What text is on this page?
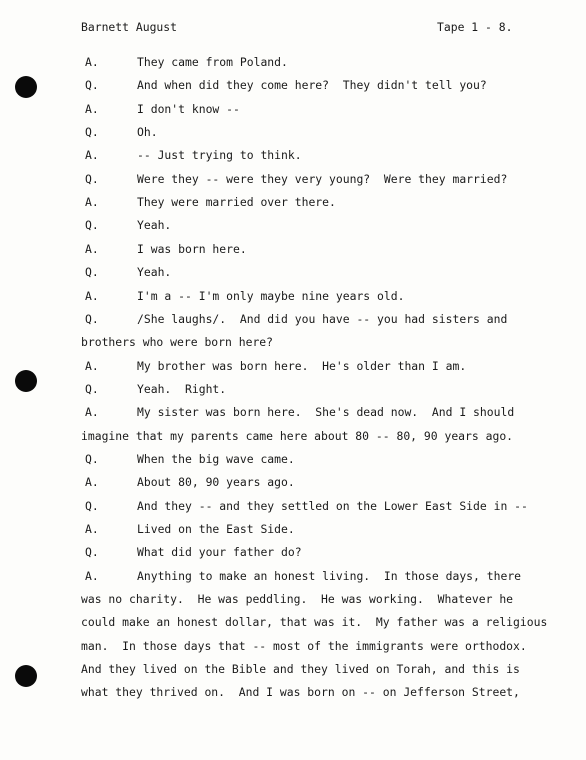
Barnett August	Tape 1 - 8.
A.	They came from Poland.
Q.	And when did they come here?  They didn't tell you?
A.	I don't know --
Q.	Oh.
A.	-- Just trying to think.
Q.	Were they -- were they very young?  Were they married?
A.	They were married over there.
Q.	Yeah.
A.	I was born here.
Q.	Yeah.
A.	I'm a -- I'm only maybe nine years old.
Q.	/She laughs/.  And did you have -- you had sisters and
brothers who were born here?
A.	My brother was born here.  He's older than I am.
Q.	Yeah.  Right.
A.	My sister was born here.  She's dead now.  And I should
imagine that my parents came here about 80 -- 80, 90 years ago.
Q.	When the big wave came.
A.	About 80, 90 years ago.
Q.	And they -- and they settled on the Lower East Side in --
A.	Lived on the East Side.
Q.	What did your father do?
A.	Anything to make an honest living.  In those days, there
was no charity.  He was peddling.  He was working.  Whatever he
could make an honest dollar, that was it.  My father was a religious
man.  In those days that -- most of the immigrants were orthodox.
And they lived on the Bible and they lived on Torah, and this is
what they thrived on.  And I was born on -- on Jefferson Street,
